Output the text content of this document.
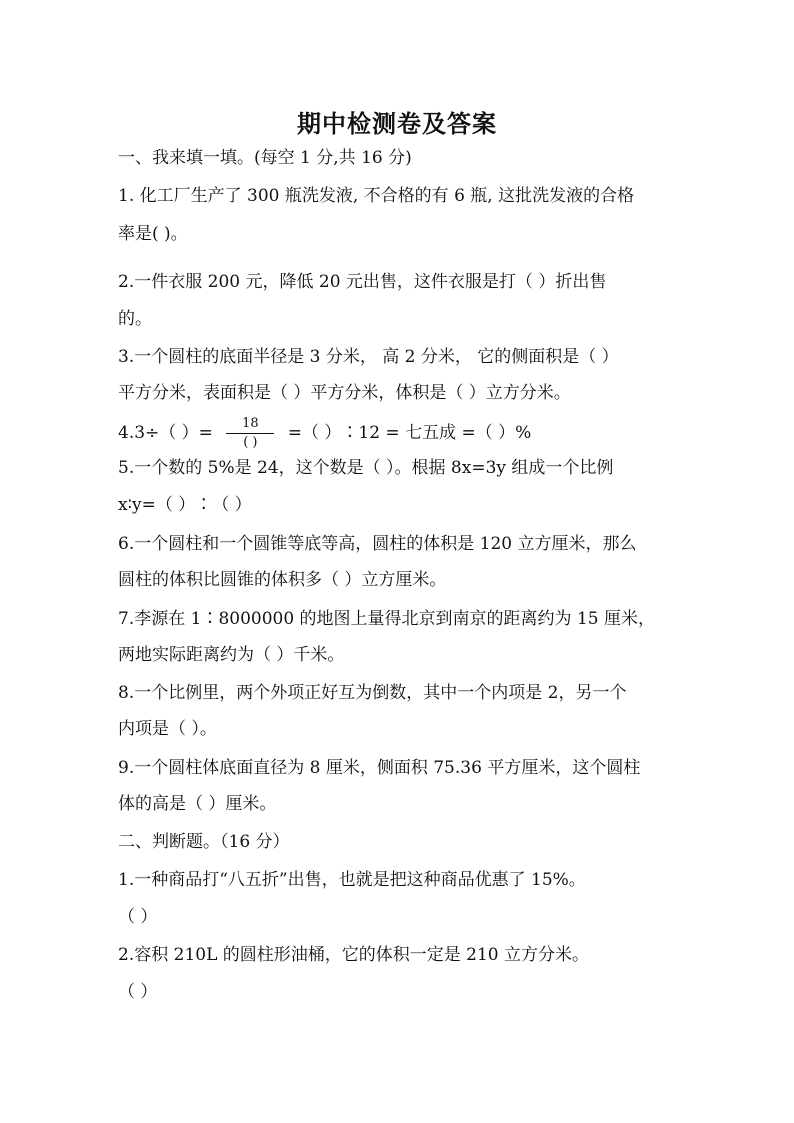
期中检测卷及答案
一、我来填一填。(每空 1 分,共 16 分)
1. 化工厂生产了 300 瓶洗发液, 不合格的有 6 瓶, 这批洗发液的合格
率是( )。
2.一件衣服 200 元，降低 20 元出售，这件衣服是打（ ）折出售
的。
3.一个圆柱的底面半径是 3 分米， 高 2 分米， 它的侧面积是（ ）
平方分米，表面积是（ ）平方分米，体积是（ ）立方分米。
4.3÷（ ）= $\frac{18}{( )}$ =（ ）∶12 = 七五成 =（ ）%
5.一个数的 5%是 24，这个数是（ ）。根据 8x=3y 组成一个比例
x∶y=（ ）∶（ ）
6.一个圆柱和一个圆锥等底等高，圆柱的体积是 120 立方厘米，那么
圆柱的体积比圆锥的体积多（ ）立方厘米。
7.李源在 1∶8000000 的地图上量得北京到南京的距离约为 15 厘米，
两地实际距离约为（ ）千米。
8.一个比例里，两个外项正好互为倒数，其中一个内项是 2，另一个
内项是（ ）。
9.一个圆柱体底面直径为 8 厘米，侧面积 75.36 平方厘米，这个圆柱
体的高是（ ）厘米。
二、判断题。（16 分）
1.一种商品打“八五折”出售，也就是把这种商品优惠了 15%。
（ ）
2.容积 210L 的圆柱形油桶，它的体积一定是 210 立方分米。
（ ）
